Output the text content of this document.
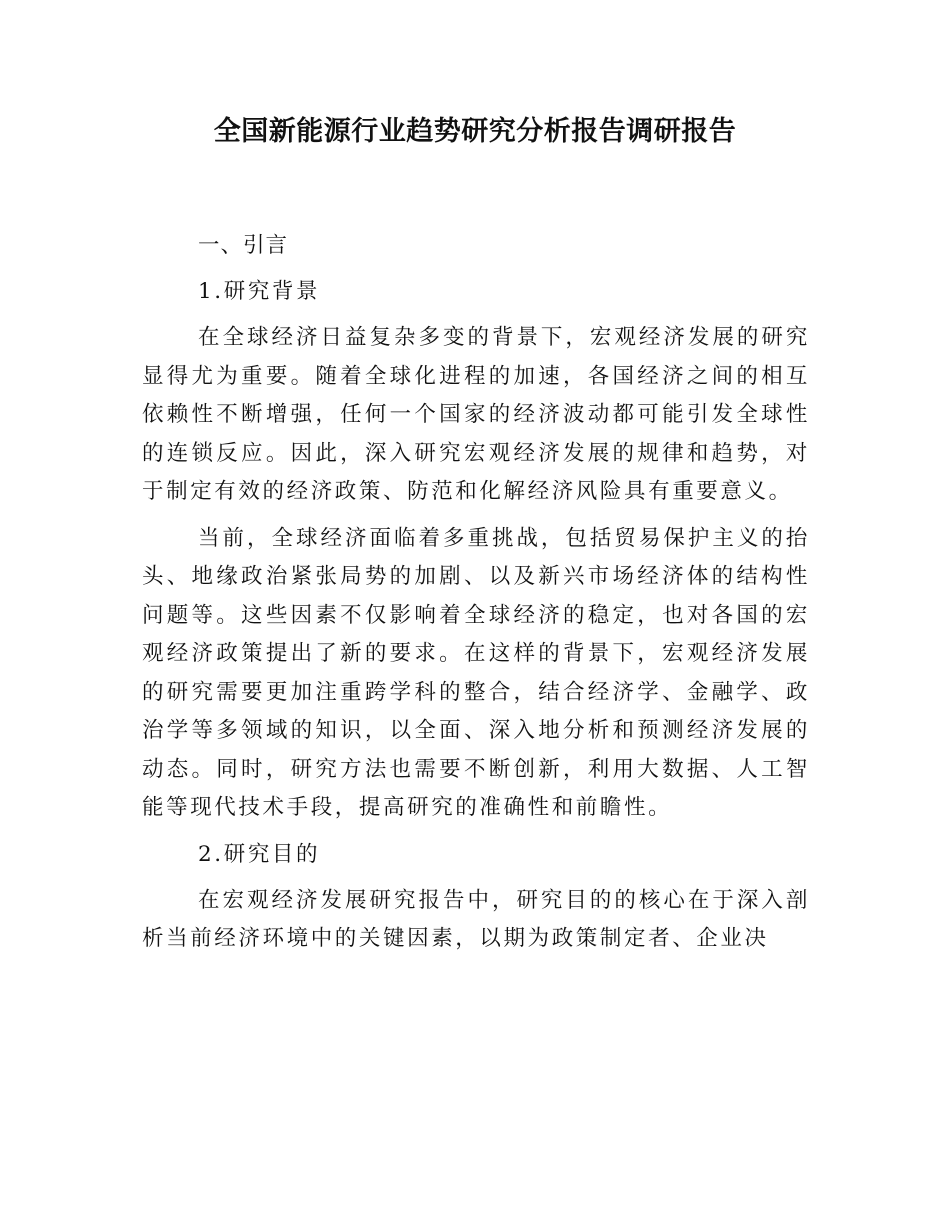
全国新能源行业趋势研究分析报告调研报告
一、引言
1.研究背景

在全球经济日益复杂多变的背景下，宏观经济发展的研究显得尤为重要。随着全球化进程的加速，各国经济之间的相互依赖性不断增强，任何一个国家的经济波动都可能引发全球性的连锁反应。因此，深入研究宏观经济发展的规律和趋势，对于制定有效的经济政策、防范和化解经济风险具有重要意义。

当前，全球经济面临着多重挑战，包括贸易保护主义的抬头、地缘政治紧张局势的加剧、以及新兴市场经济体的结构性问题等。这些因素不仅影响着全球经济的稳定，也对各国的宏观经济政策提出了新的要求。在这样的背景下，宏观经济发展的研究需要更加注重跨学科的整合，结合经济学、金融学、政治学等多领域的知识，以全面、深入地分析和预测经济发展的动态。同时，研究方法也需要不断创新，利用大数据、人工智能等现代技术手段，提高研究的准确性和前瞻性。

2.研究目的

在宏观经济发展研究报告中，研究目的的核心在于深入剖析当前经济环境中的关键因素，以期为政策制定者、企业决
